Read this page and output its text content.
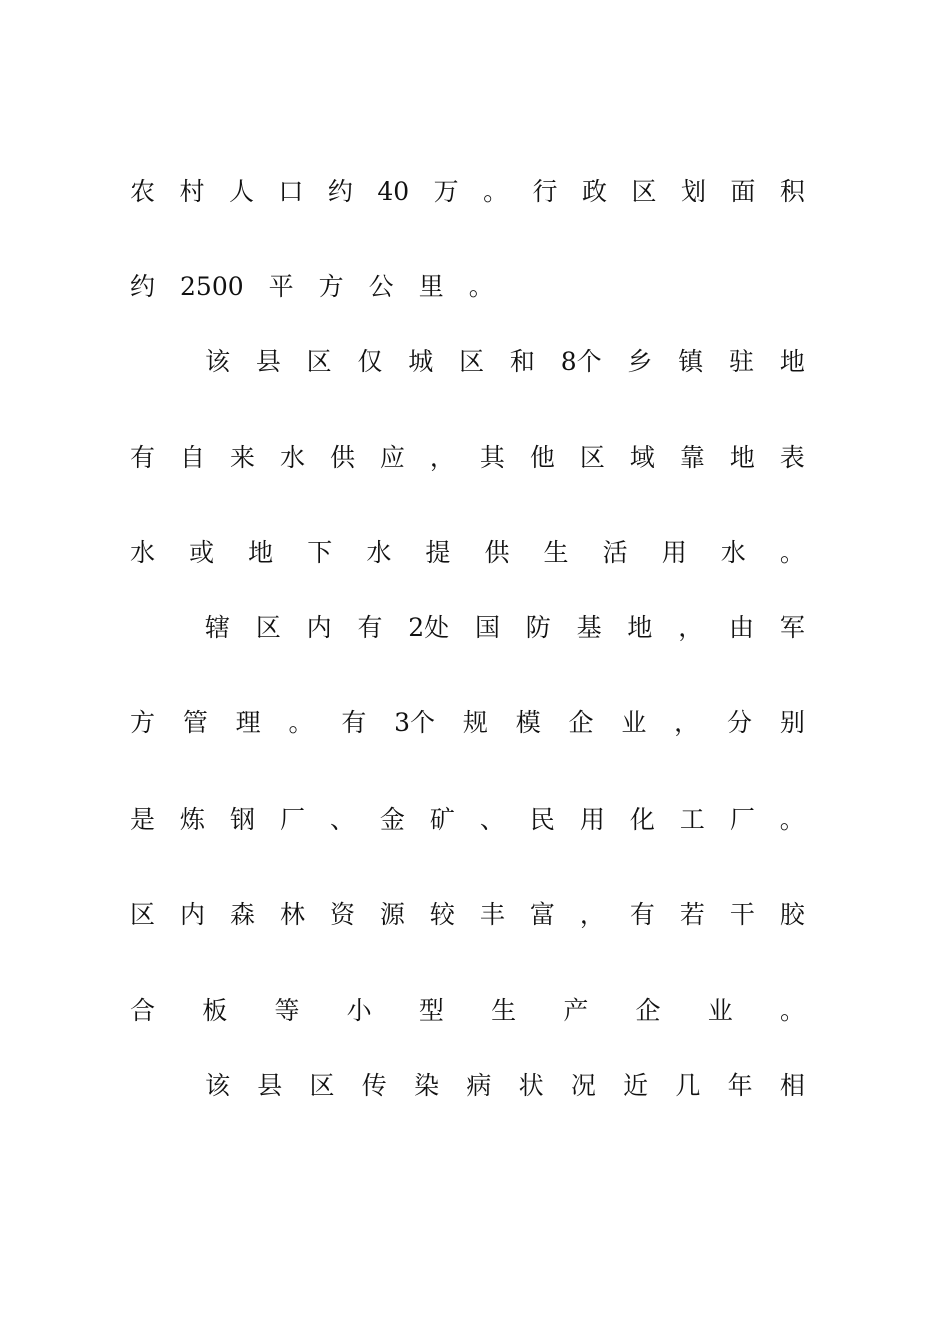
农 村 人 口 约 40 万 。 行 政 区 划 面 积
约 2500 平 方 公 里 。
该 县 区 仅 城 区 和 8个 乡 镇 驻 地
有 自 来 水 供 应 ， 其 他 区 域 靠 地 表
水 或 地 下 水 提 供 生 活 用 水 。
辖 区 内 有 2处 国 防 基 地 ， 由 军
方 管 理 。 有 3个 规 模 企 业 ， 分 别
是 炼 钢 厂 、 金 矿 、 民 用 化 工 厂 。
区 内 森 林 资 源 较 丰 富 ， 有 若 干 胶
合 板 等 小 型 生 产 企 业 。
该 县 区 传 染 病 状 况 近 几 年 相
